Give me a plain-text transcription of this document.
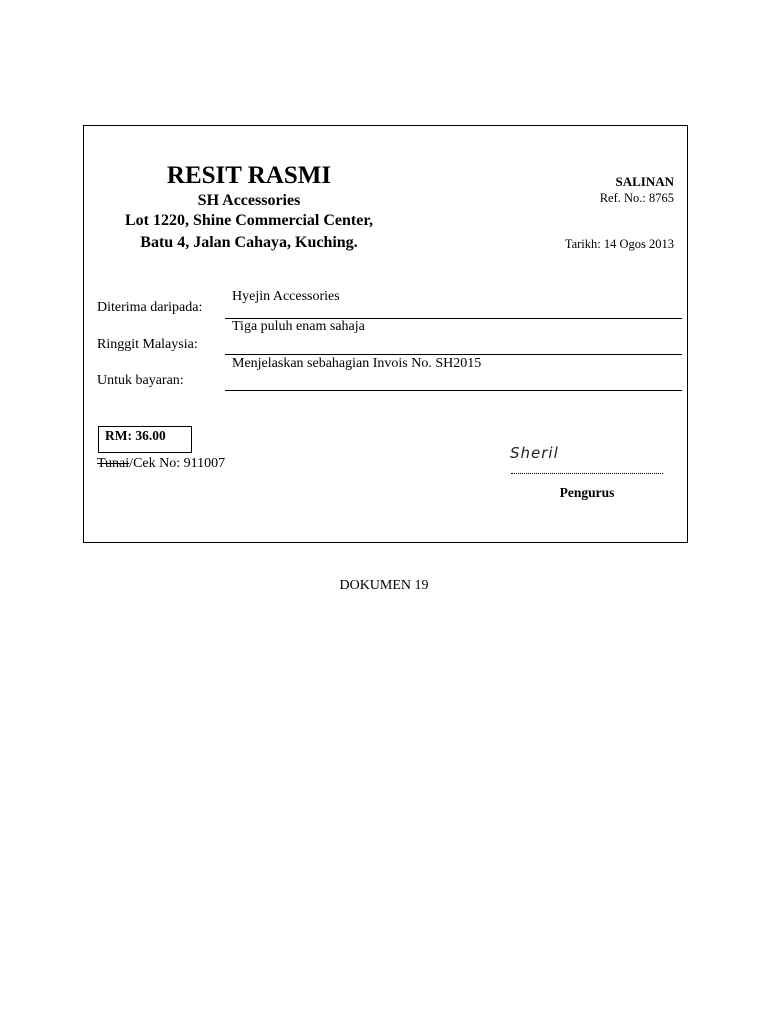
RESIT RASMI
SH Accessories
Lot 1220, Shine Commercial Center,
Batu 4, Jalan Cahaya, Kuching.
SALINAN
Ref. No.: 8765
Tarikh: 14 Ogos 2013
Diterima daripada:
Ringgit Malaysia:
Untuk bayaran:
Hyejin Accessories
Tiga puluh enam sahaja
Menjelaskan sebahagian Invois No. SH2015
RM: 36.00
Tunai/Cek No: 911007
Sheril
Pengurus
DOKUMEN 19
